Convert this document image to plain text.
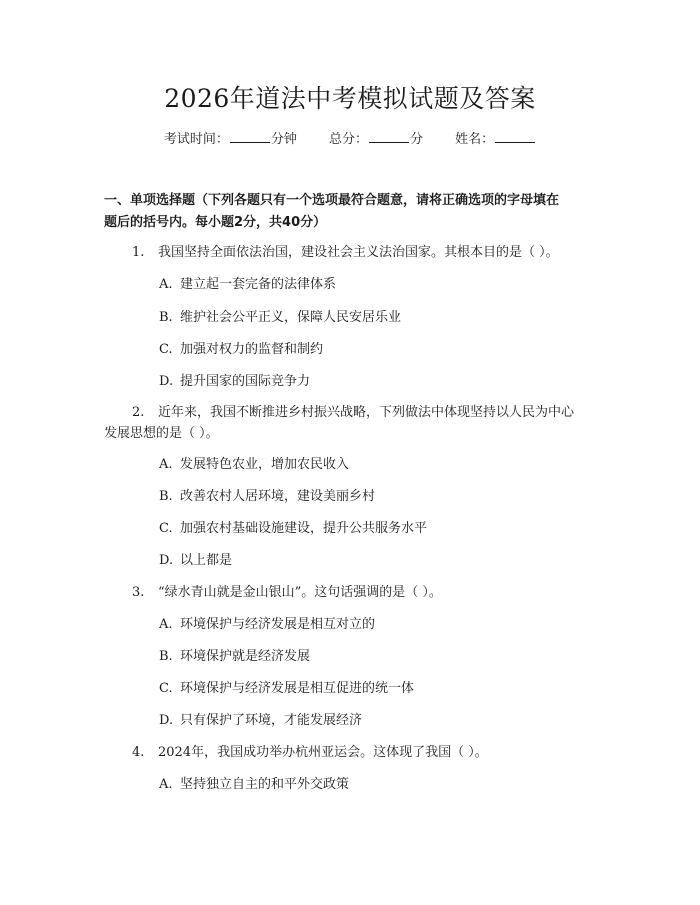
2026年道法中考模拟试题及答案
考试时间：	分钟 总分：	分 姓名：
一、单项选择题（下列各题只有一个选项最符合题意，请将正确选项的字母填在
题后的括号内。每小题2分，共40分）
1. 我国坚持全面依法治国，建设社会主义法治国家。其根本目的是（ ）。
A. 建立起一套完备的法律体系
B. 维护社会公平正义，保障人民安居乐业
C. 加强对权力的监督和制约
D. 提升国家的国际竞争力
2. 近年来，我国不断推进乡村振兴战略，下列做法中体现坚持以人民为中心
发展思想的是（ ）。
A. 发展特色农业，增加农民收入
B. 改善农村人居环境，建设美丽乡村
C. 加强农村基础设施建设，提升公共服务水平
D. 以上都是
3. “绿水青山就是金山银山”。这句话强调的是（ ）。
A. 环境保护与经济发展是相互对立的
B. 环境保护就是经济发展
C. 环境保护与经济发展是相互促进的统一体
D. 只有保护了环境，才能发展经济
4. 2024年，我国成功举办杭州亚运会。这体现了我国（ ）。
A. 坚持独立自主的和平外交政策
